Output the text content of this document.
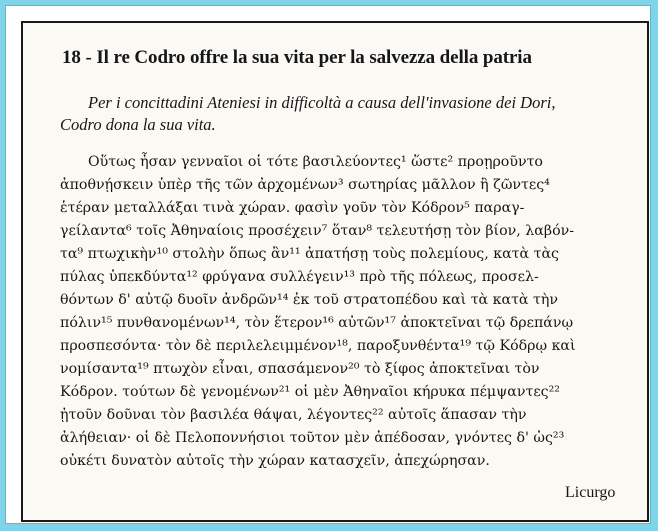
18 - Il re Codro offre la sua vita per la salvezza della patria
Per i concittadini Ateniesi in difficoltà a causa dell'invasione dei Dori,
Codro dona la sua vita.
Οὕτως ἦσαν γενναῖοι οἱ τότε βασιλεύοντες¹ ὥστε² προῃροῦντο
ἀποθνῄσκειν ὑπὲρ τῆς τῶν ἀρχομένων³ σωτηρίας μᾶλλον ἢ ζῶντες⁴
ἑτέραν μεταλλάξαι τινὰ χώραν. φασὶν γοῦν τὸν Κόδρον⁵ παραγ-
γείλαντα⁶ τοῖς Ἀθηναίοις προσέχειν⁷ ὅταν⁸ τελευτήσῃ τὸν βίον, λαβόν-
τα⁹ πτωχικὴν¹⁰ στολὴν ὅπως ἂν¹¹ ἀπατήσῃ τοὺς πολεμίους, κατὰ τὰς
πύλας ὑπεκδύντα¹² φρύγανα συλλέγειν¹³ πρὸ τῆς πόλεως, προσελ-
θόντων δ' αὐτῷ δυοῖν ἀνδρῶν¹⁴ ἐκ τοῦ στρατοπέδου καὶ τὰ κατὰ τὴν
πόλιν¹⁵ πυνθανομένων¹⁴, τὸν ἕτερον¹⁶ αὐτῶν¹⁷ ἀποκτεῖναι τῷ δρεπάνῳ
προσπεσόντα· τὸν δὲ περιλελειμμένον¹⁸, παροξυνθέντα¹⁹ τῷ Κόδρῳ καὶ
νομίσαντα¹⁹ πτωχὸν εἶναι, σπασάμενον²⁰ τὸ ξίφος ἀποκτεῖναι τὸν
Κόδρον. τούτων δὲ γενομένων²¹ οἱ μὲν Ἀθηναῖοι κήρυκα πέμψαντες²²
ᾐτοῦν δοῦναι τὸν βασιλέα θάψαι, λέγοντες²² αὐτοῖς ἅπασαν τὴν
ἀλήθειαν· οἱ δὲ Πελοποννήσιοι τοῦτον μὲν ἀπέδοσαν, γνόντες δ' ὡς²³
οὐκέτι δυνατὸν αὐτοῖς τὴν χώραν κατασχεῖν, ἀπεχώρησαν.
Licurgo
